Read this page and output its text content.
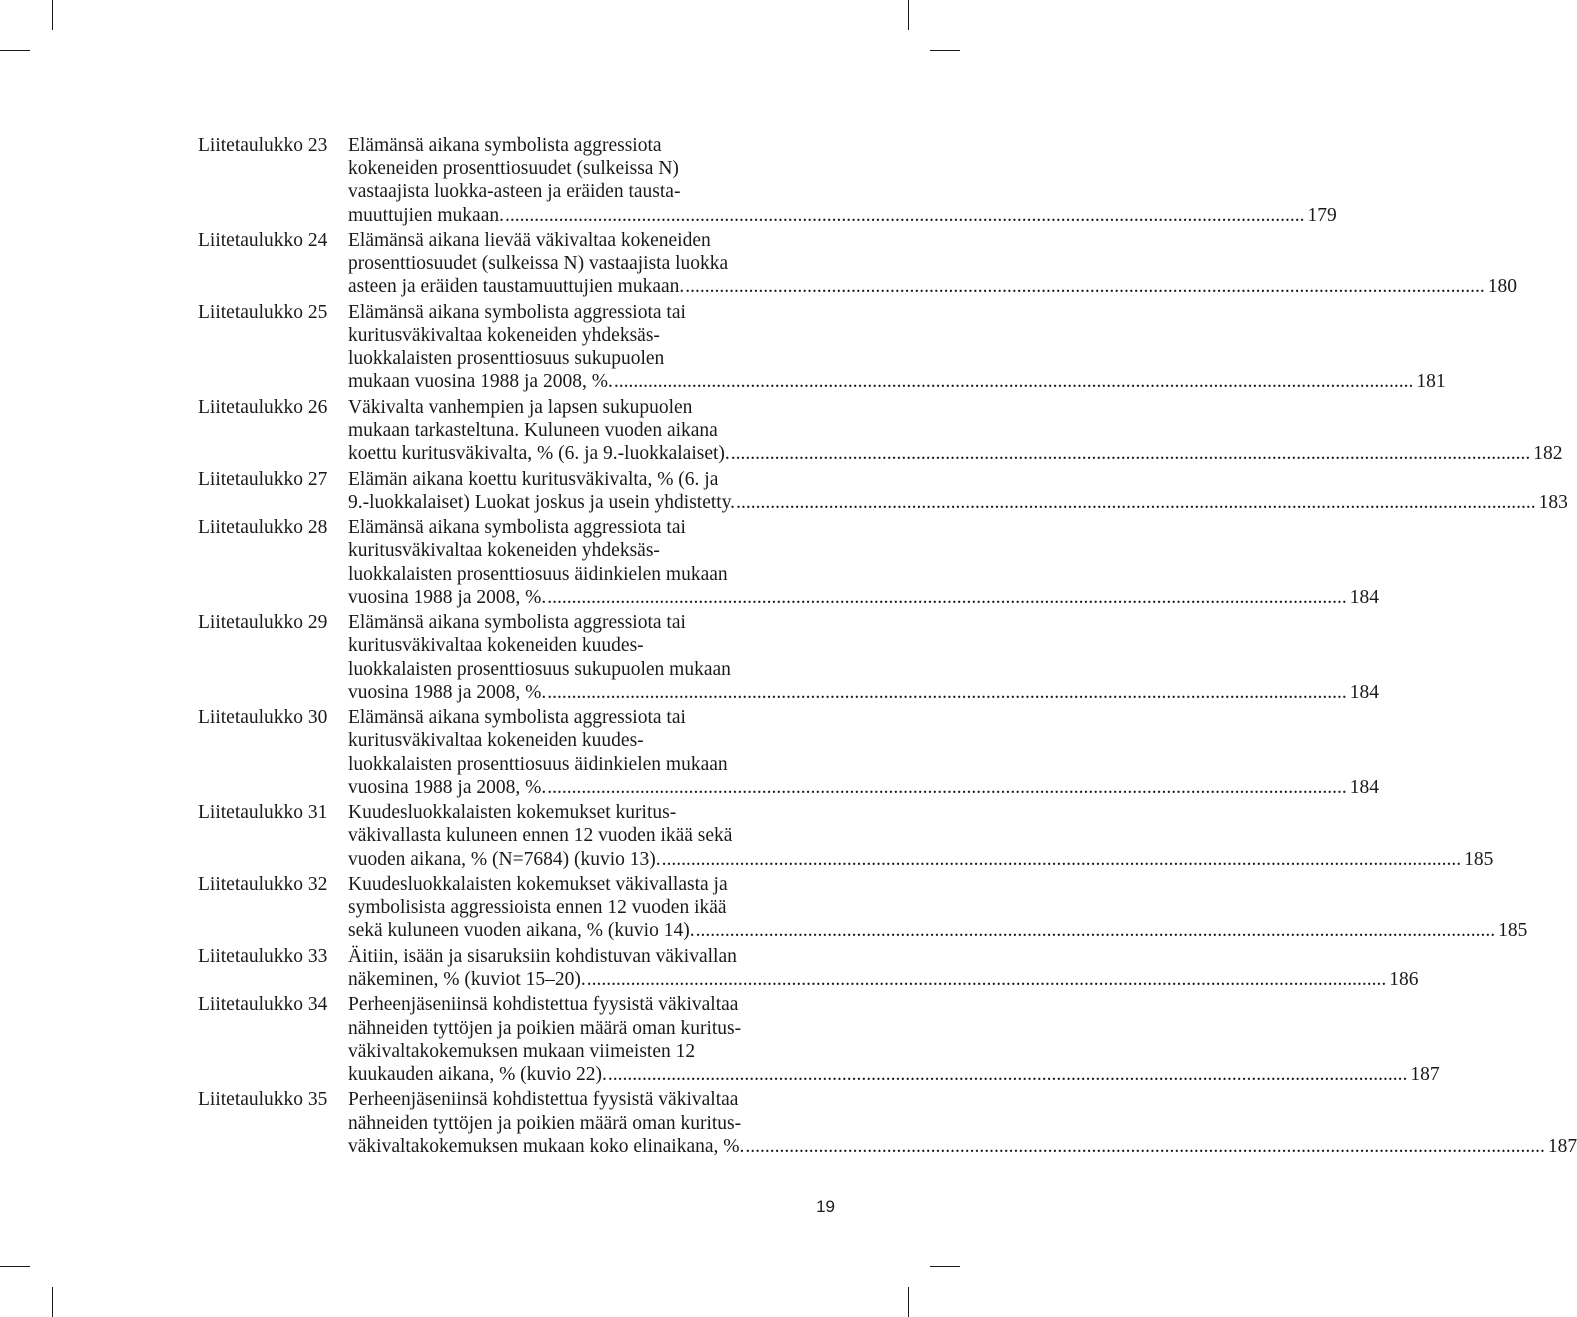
Liitetaulukko 23	Elämänsä aikana symbolista aggressiota
kokeneiden prosenttiosuudet (sulkeissa N)
vastaajista luokka-asteen ja eräiden tausta-
muuttujien mukaan. .....	179
Liitetaulukko 24	Elämänsä aikana lievää väkivaltaa kokeneiden
prosenttiosuudet (sulkeissa N) vastaajista luokka
asteen ja eräiden taustamuuttujien mukaan. .....	180
Liitetaulukko 25	Elämänsä aikana symbolista aggressiota tai
kuritusväkivaltaa kokeneiden yhdeksäs-
luokkalaisten prosenttiosuus sukupuolen
mukaan vuosina 1988 ja 2008, %. .....	181
Liitetaulukko 26	Väkivalta vanhempien ja lapsen sukupuolen
mukaan tarkasteltuna. Kuluneen vuoden aikana
koettu kuritusväkivalta, % (6. ja 9.-luokkalaiset). .....	182
Liitetaulukko 27	Elämän aikana koettu kuritusväkivalta, % (6. ja
9.-luokkalaiset) Luokat joskus ja usein yhdistetty. .....	183
Liitetaulukko 28	Elämänsä aikana symbolista aggressiota tai
kuritusväkivaltaa kokeneiden yhdeksäs-
luokkalaisten prosenttiosuus äidinkielen mukaan
vuosina 1988 ja 2008, %. .....	184
Liitetaulukko 29	Elämänsä aikana symbolista aggressiota tai
kuritusväkivaltaa kokeneiden kuudes-
luokkalaisten prosenttiosuus sukupuolen mukaan
vuosina 1988 ja 2008, %. .....	184
Liitetaulukko 30	Elämänsä aikana symbolista aggressiota tai
kuritusväkivaltaa kokeneiden kuudes-
luokkalaisten prosenttiosuus äidinkielen mukaan
vuosina 1988 ja 2008, %. .....	184
Liitetaulukko 31	Kuudesluokkalaisten kokemukset kuritus-
väkivallasta kuluneen ennen 12 vuoden ikää sekä
vuoden aikana, % (N=7684) (kuvio 13). .....	185
Liitetaulukko 32	Kuudesluokkalaisten kokemukset väkivallasta ja
symbolisista aggressioista ennen 12 vuoden ikää
sekä kuluneen vuoden aikana, % (kuvio 14). .....	185
Liitetaulukko 33	Äitiin, isään ja sisaruksiin kohdistuvan väkivallan
näkeminen, % (kuviot 15–20). .....	186
Liitetaulukko 34	Perheenjäseniinsä kohdistettua fyysistä väkivaltaa
nähneiden tyttöjen ja poikien määrä oman kuritus-
väkivaltakokemuksen mukaan viimeisten 12
kuukauden aikana, % (kuvio 22). .....	187
Liitetaulukko 35	Perheenjäseniinsä kohdistettua fyysistä väkivaltaa
nähneiden tyttöjen ja poikien määrä oman kuritus-
väkivaltakokemuksen mukaan koko elinaikana, %. .....	187
19
